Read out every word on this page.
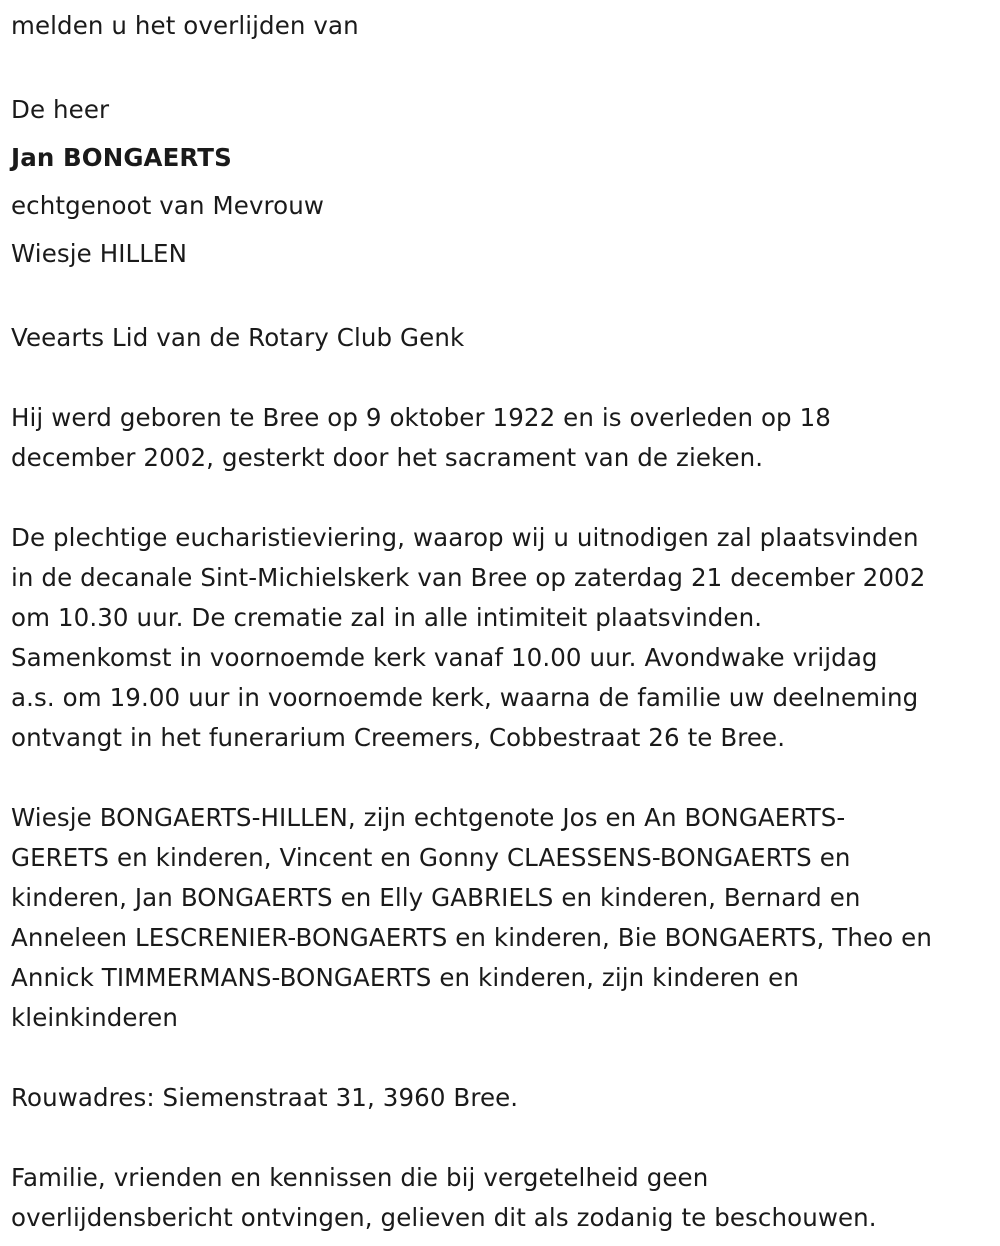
melden u het overlijden van

De heer

Jan BONGAERTS

echtgenoot van Mevrouw

Wiesje HILLEN

Veearts Lid van de Rotary Club Genk

Hij werd geboren te Bree op 9 oktober 1922 en is overleden op 18

december 2002, gesterkt door het sacrament van de zieken.

De plechtige eucharistieviering, waarop wij u uitnodigen zal plaatsvinden

in de decanale Sint-Michielskerk van Bree op zaterdag 21 december 2002

om 10.30 uur. De crematie zal in alle intimiteit plaatsvinden.

Samenkomst in voornoemde kerk vanaf 10.00 uur. Avondwake vrijdag

a.s. om 19.00 uur in voornoemde kerk, waarna de familie uw deelneming

ontvangt in het funerarium Creemers, Cobbestraat 26 te Bree.

Wiesje BONGAERTS-HILLEN, zijn echtgenote Jos en An BONGAERTS-

GERETS en kinderen, Vincent en Gonny CLAESSENS-BONGAERTS en

kinderen, Jan BONGAERTS en Elly GABRIELS en kinderen, Bernard en

Anneleen LESCRENIER-BONGAERTS en kinderen, Bie BONGAERTS, Theo en

Annick TIMMERMANS-BONGAERTS en kinderen, zijn kinderen en

kleinkinderen

Rouwadres: Siemenstraat 31, 3960 Bree.

Familie, vrienden en kennissen die bij vergetelheid geen

overlijdensbericht ontvingen, gelieven dit als zodanig te beschouwen.
